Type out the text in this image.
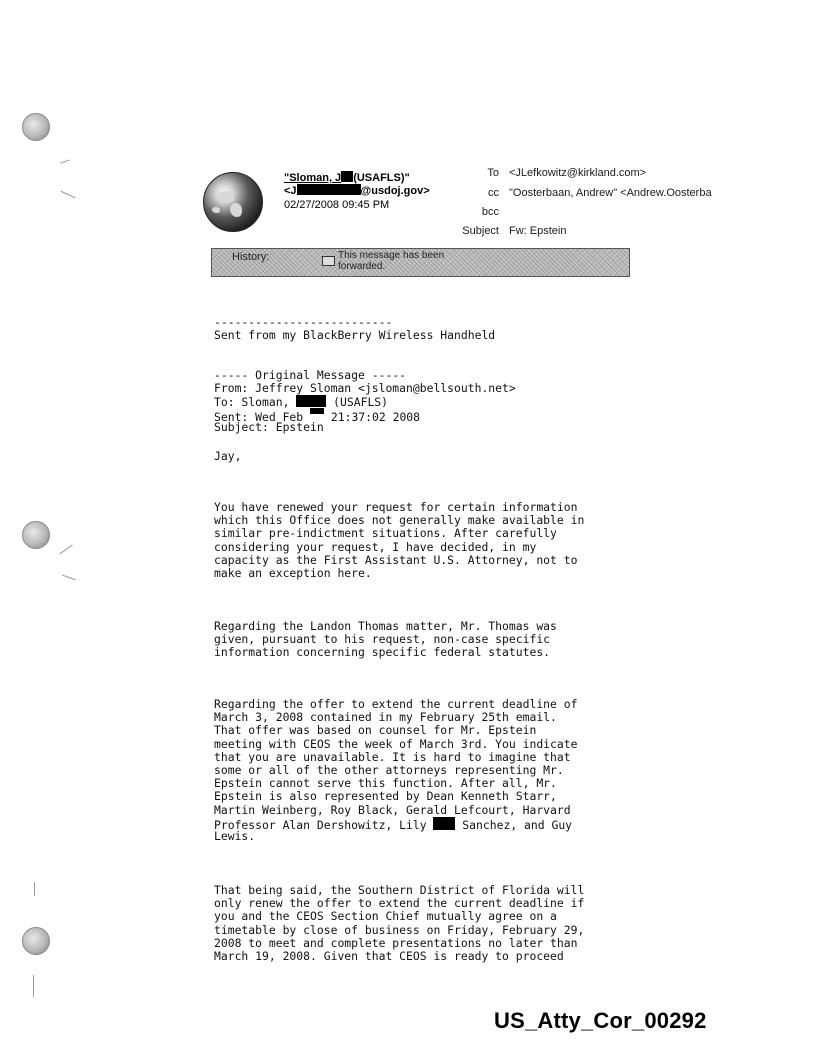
"Sloman, J (USAFLS)"
<J	@usdoj.gov>
02/27/2008 09:45 PM
To <JLefkowitz@kirkland.com>
cc "Oosterbaan, Andrew" <Andrew.Oosterba
bcc
Subject Fw: Epstein
History:	This message has been
forwarded.
--------------------------
Sent from my BlackBerry Wireless Handheld
----- Original Message -----
From: Jeffrey Sloman <jsloman@bellsouth.net>
To: Sloman,	(USAFLS)
Sent: Wed Feb  21:37:02 2008
Subject: Epstein
Jay,
You have renewed your request for certain information
which this Office does not generally make available in
similar pre-indictment situations. After carefully
considering your request, I have decided, in my
capacity as the First Assistant U.S. Attorney, not to
make an exception here.
Regarding the Landon Thomas matter, Mr. Thomas was
given, pursuant to his request, non-case specific
information concerning specific federal statutes.
Regarding the offer to extend the current deadline of
March 3, 2008 contained in my February 25th email.
That offer was based on counsel for Mr. Epstein
meeting with CEOS the week of March 3rd. You indicate
that you are unavailable. It is hard to imagine that
some or all of the other attorneys representing Mr.
Epstein cannot serve this function. After all, Mr.
Epstein is also represented by Dean Kenneth Starr,
Martin Weinberg, Roy Black, Gerald Lefcourt, Harvard
Professor Alan Dershowitz, Lily  Sanchez, and Guy
Lewis.
That being said, the Southern District of Florida will
only renew the offer to extend the current deadline if
you and the CEOS Section Chief mutually agree on a
timetable by close of business on Friday, February 29,
2008 to meet and complete presentations no later than
March 19, 2008. Given that CEOS is ready to proceed
US_Atty_Cor_00292
